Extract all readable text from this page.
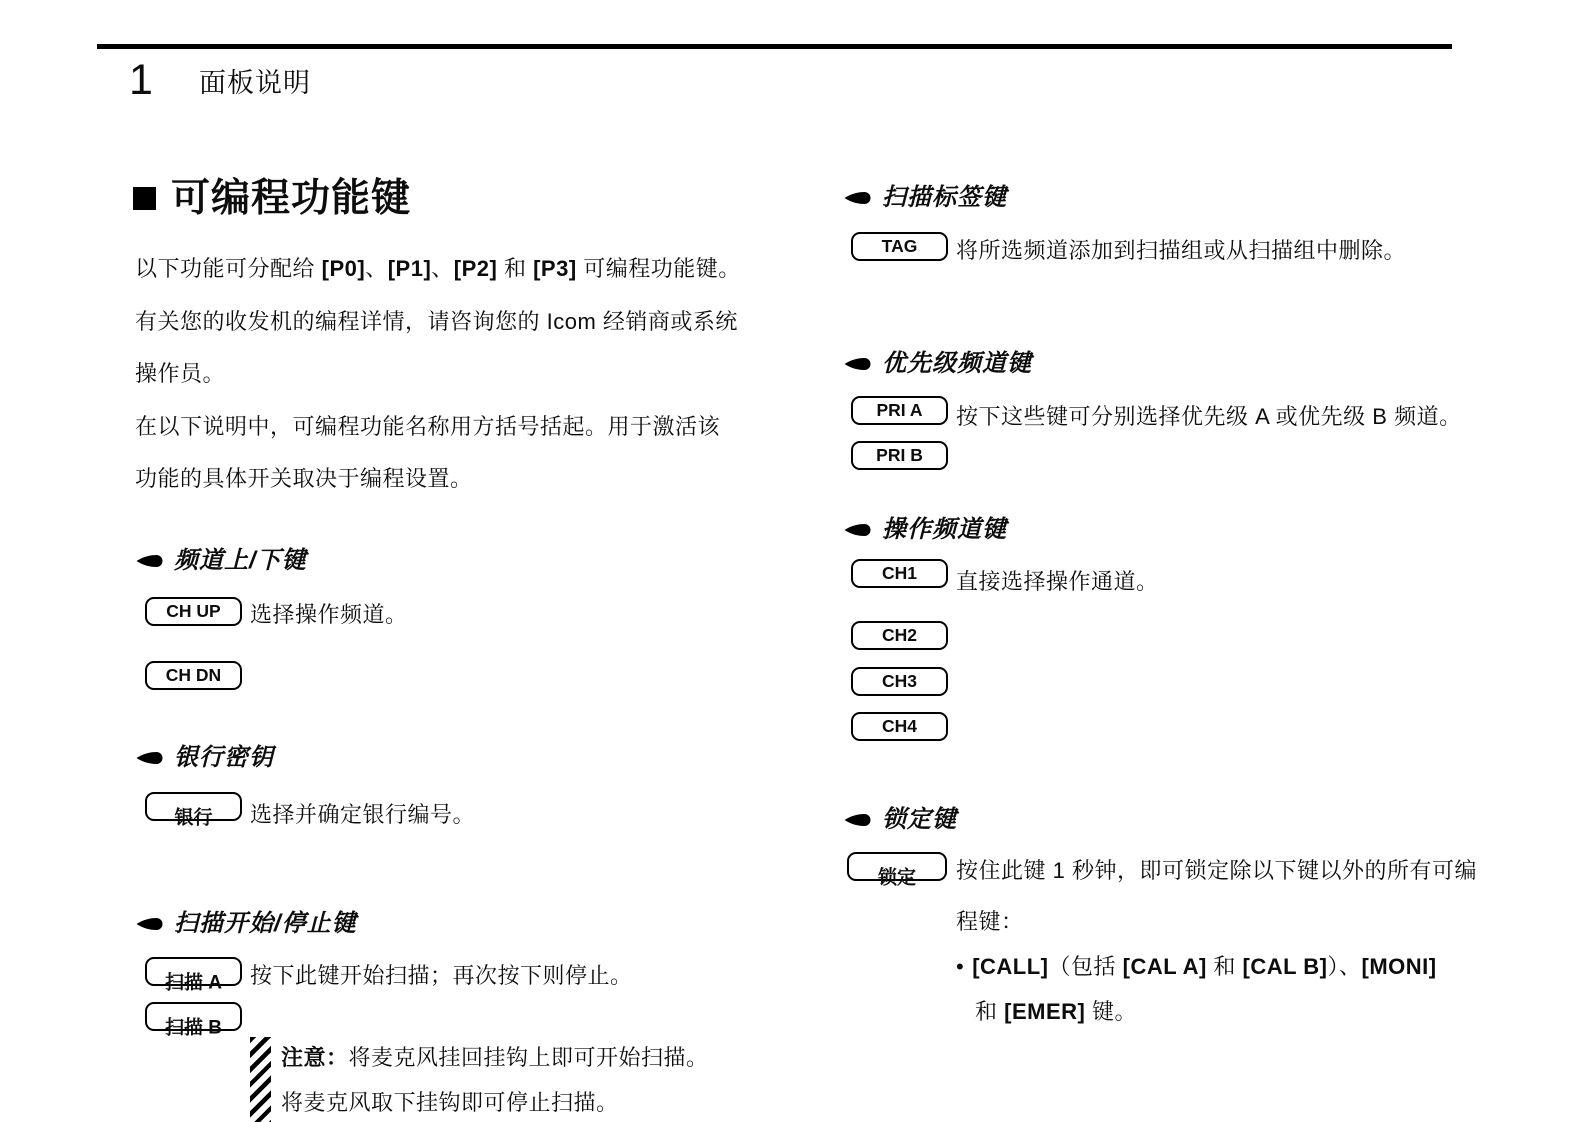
1 面板说明
可编程功能键
以下功能可分配给 [P0]、[P1]、[P2] 和 [P3] 可编程功能键。
有关您的收发机的编程详情，请咨询您的 Icom 经销商或系统
操作员。
在以下说明中，可编程功能名称用方括号括起。用于激活该
功能的具体开关取决于编程设置。
频道上/下键
CH UP 选择操作频道。
CH DN
银行密钥
银行 选择并确定银行编号。
扫描开始/停止键
扫描 A 按下此键开始扫描；再次按下则停止。
扫描 B
注意：将麦克风挂回挂钩上即可开始扫描。
将麦克风取下挂钩即可停止扫描。
扫描标签键
TAG 将所选频道添加到扫描组或从扫描组中删除。
优先级频道键
PRI A 按下这些键可分别选择优先级 A 或优先级 B 频道。
PRI B
操作频道键
CH1 直接选择操作通道。
CH2
CH3
CH4
锁定键
锁定 按住此键 1 秒钟，即可锁定除以下键以外的所有可编
程键：
• [CALL]（包括 [CAL A] 和 [CAL B]）、[MONI]
和 [EMER] 键。
